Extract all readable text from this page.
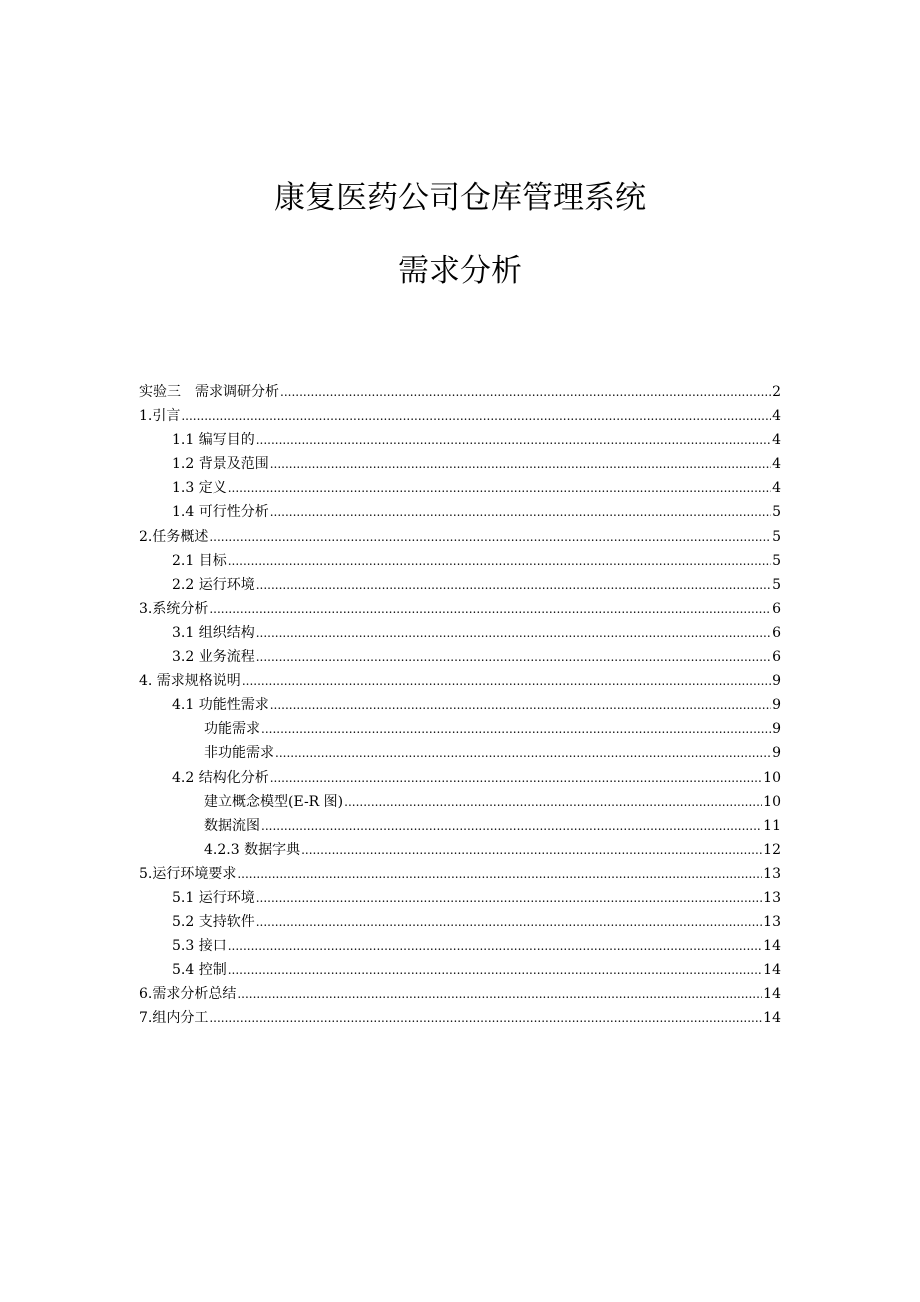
康复医药公司仓库管理系统
需求分析
实验三　需求调研分析 .....	2
1.引言 .....	4
1.1 编写目的 .....	4
1.2 背景及范围 .....	4
1.3 定义 .....	4
1.4 可行性分析 .....	5
2.任务概述 .....	5
2.1 目标 .....	5
2.2 运行环境 .....	5
3.系统分析 .....	6
3.1 组织结构 .....	6
3.2 业务流程 .....	6
4. 需求规格说明 .....	9
4.1 功能性需求 .....	9
功能需求 .....	9
非功能需求 .....	9
4.2 结构化分析 .....	10
建立概念模型(E-R 图) .....	10
数据流图 .....	11
4.2.3 数据字典 .....	12
5.运行环境要求 .....	13
5.1 运行环境 .....	13
5.2 支持软件 .....	13
5.3 接口 .....	14
5.4 控制 .....	14
6.需求分析总结 .....	14
7.组内分工 .....	14
